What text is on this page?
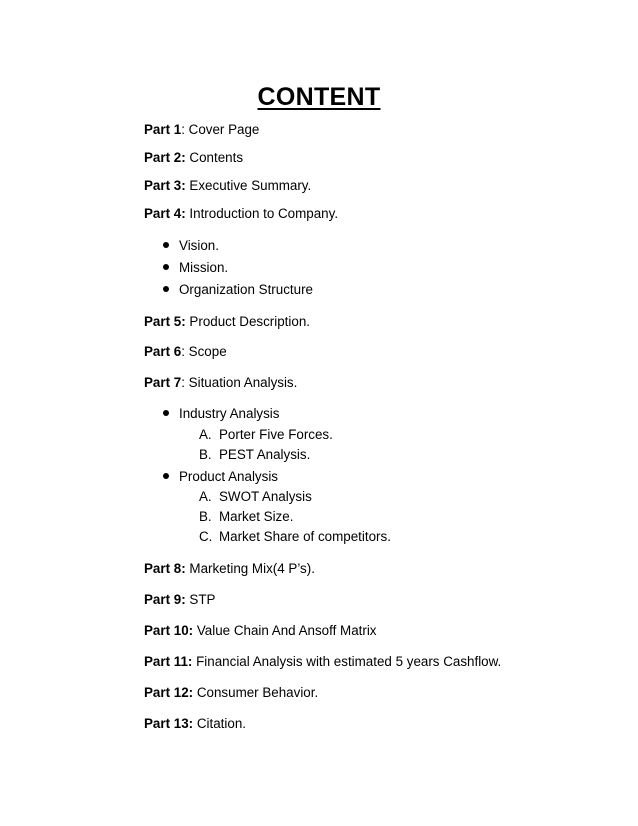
CONTENT
Part 1: Cover Page
Part 2: Contents
Part 3: Executive Summary.
Part 4: Introduction to Company.
Vision.
Mission.
Organization Structure
Part 5: Product Description.
Part 6: Scope
Part 7: Situation Analysis.
Industry Analysis
A. Porter Five Forces.
B. PEST Analysis.
Product Analysis
A. SWOT Analysis
B. Market Size.
C. Market Share of competitors.
Part 8: Marketing Mix(4 P’s).
Part 9: STP
Part 10: Value Chain And Ansoff Matrix
Part 11: Financial Analysis with estimated 5 years Cashflow.
Part 12: Consumer Behavior.
Part 13: Citation.
